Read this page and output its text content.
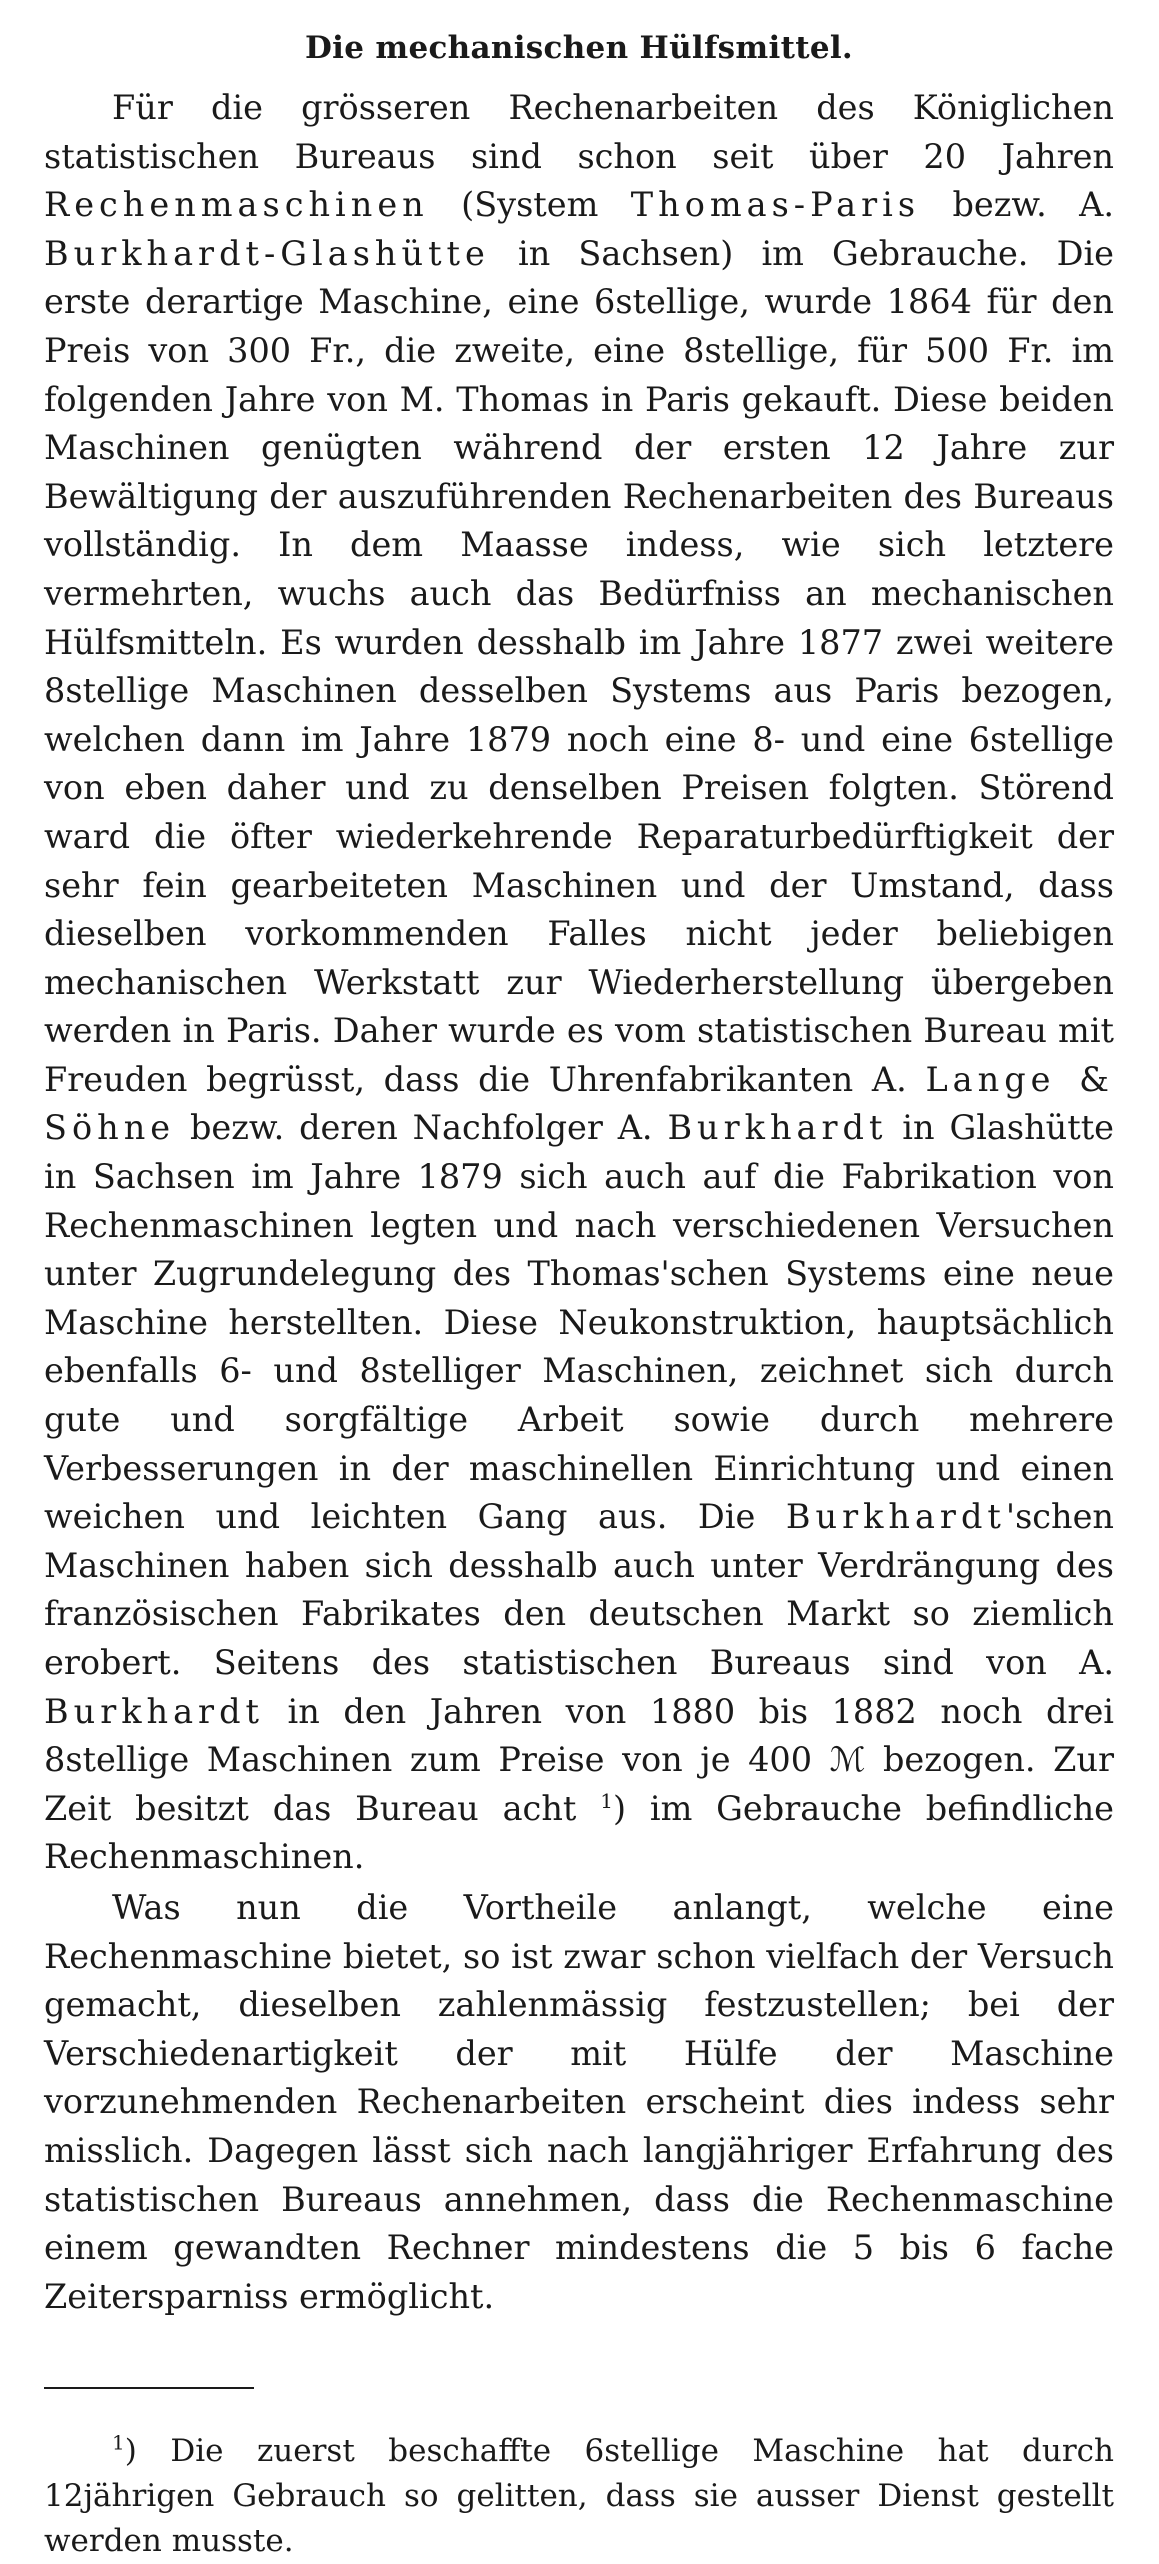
Die mechanischen Hülfsmittel.

Für die grösseren Rechenarbeiten des Königlichen statistischen Bureaus sind schon seit über 20 Jahren Rechenmaschinen (System Thomas-Paris bezw. A. Burkhardt-Glashütte in Sachsen) im Gebrauche. Die erste derartige Maschine, eine 6stellige, wurde 1864 für den Preis von 300 Fr., die zweite, eine 8stellige, für 500 Fr. im folgenden Jahre von M. Thomas in Paris gekauft. Diese beiden Maschinen genügten während der ersten 12 Jahre zur Bewältigung der auszuführenden Rechenarbeiten des Bureaus vollständig. In dem Maasse indess, wie sich letztere vermehrten, wuchs auch das Bedürfniss an mechanischen Hülfsmitteln. Es wurden desshalb im Jahre 1877 zwei weitere 8stellige Maschinen desselben Systems aus Paris bezogen, welchen dann im Jahre 1879 noch eine 8- und eine 6stellige von eben daher und zu denselben Preisen folgten. Störend ward die öfter wiederkehrende Reparaturbedürftigkeit der sehr fein gearbeiteten Maschinen und der Umstand, dass dieselben vorkommenden Falles nicht jeder beliebigen mechanischen Werkstatt zur Wiederherstellung übergeben werden in Paris. Daher wurde es vom statistischen Bureau mit Freuden begrüsst, dass die Uhrenfabrikanten A. Lange & Söhne bezw. deren Nachfolger A. Burkhardt in Glashütte in Sachsen im Jahre 1879 sich auch auf die Fabrikation von Rechenmaschinen legten und nach verschiedenen Versuchen unter Zugrundelegung des Thomas'schen Systems eine neue Maschine herstellten. Diese Neukonstruktion, hauptsächlich ebenfalls 6- und 8stelliger Maschinen, zeichnet sich durch gute und sorgfältige Arbeit sowie durch mehrere Verbesserungen in der maschinellen Einrichtung und einen weichen und leichten Gang aus. Die Burkhardt'schen Maschinen haben sich desshalb auch unter Verdrängung des französischen Fabrikates den deutschen Markt so ziemlich erobert. Seitens des statistischen Bureaus sind von A. Burkhardt in den Jahren von 1880 bis 1882 noch drei 8stellige Maschinen zum Preise von je 400 ℳ bezogen. Zur Zeit besitzt das Bureau acht $^1$) im Gebrauche befindliche Rechenmaschinen.

Was nun die Vortheile anlangt, welche eine Rechenmaschine bietet, so ist zwar schon vielfach der Versuch gemacht, dieselben zahlenmässig festzustellen; bei der Verschiedenartigkeit der mit Hülfe der Maschine vorzunehmenden Rechenarbeiten erscheint dies indess sehr misslich. Dagegen lässt sich nach langjähriger Erfahrung des statistischen Bureaus annehmen, dass die Rechenmaschine einem gewandten Rechner mindestens die 5 bis 6 fache Zeitersparniss ermöglicht.

$^1$) Die zuerst beschaffte 6stellige Maschine hat durch 12jährigen Gebrauch so gelitten, dass sie ausser Dienst gestellt werden musste.
